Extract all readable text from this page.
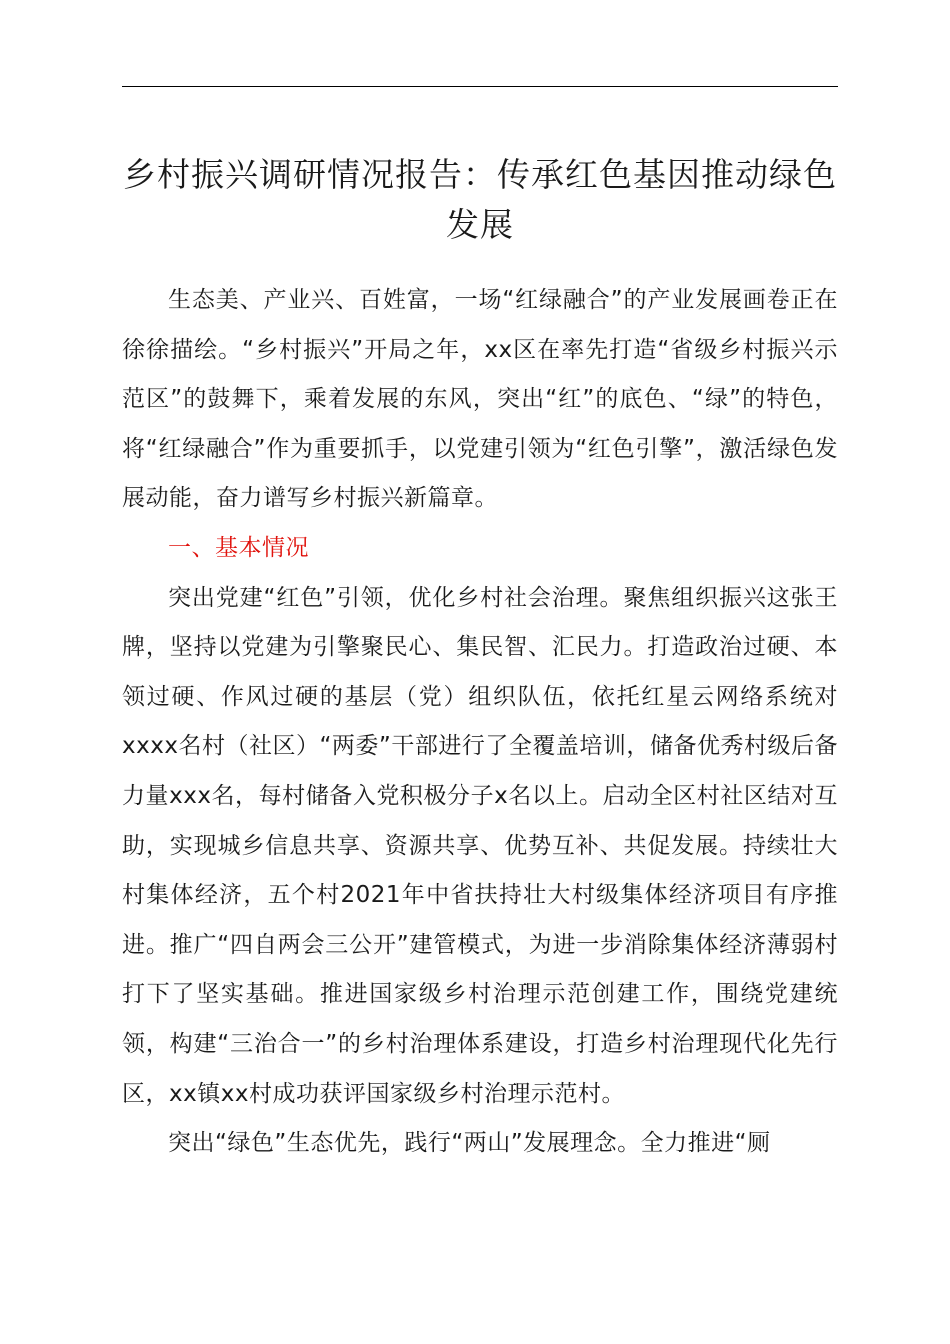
乡村振兴调研情况报告：传承红色基因推动绿色发展

生态美、产业兴、百姓富，一场“红绿融合”的产业发展画卷正在徐徐描绘。“乡村振兴”开局之年，xx区在率先打造“省级乡村振兴示范区”的鼓舞下，乘着发展的东风，突出“红”的底色、“绿”的特色，将“红绿融合”作为重要抓手，以党建引领为“红色引擎”，激活绿色发展动能，奋力谱写乡村振兴新篇章。

一、基本情况

突出党建“红色”引领，优化乡村社会治理。聚焦组织振兴这张王牌，坚持以党建为引擎聚民心、集民智、汇民力。打造政治过硬、本领过硬、作风过硬的基层（党）组织队伍，依托红星云网络系统对xxxx名村（社区）“两委”干部进行了全覆盖培训，储备优秀村级后备力量xxx名，每村储备入党积极分子x名以上。启动全区村社区结对互助，实现城乡信息共享、资源共享、优势互补、共促发展。持续壮大村集体经济，五个村2021年中省扶持壮大村级集体经济项目有序推进。推广“四自两会三公开”建管模式，为进一步消除集体经济薄弱村打下了坚实基础。推进国家级乡村治理示范创建工作，围绕党建统领，构建“三治合一”的乡村治理体系建设，打造乡村治理现代化先行区，xx镇xx村成功获评国家级乡村治理示范村。

突出“绿色”生态优先，践行“两山”发展理念。全力推进“厕
